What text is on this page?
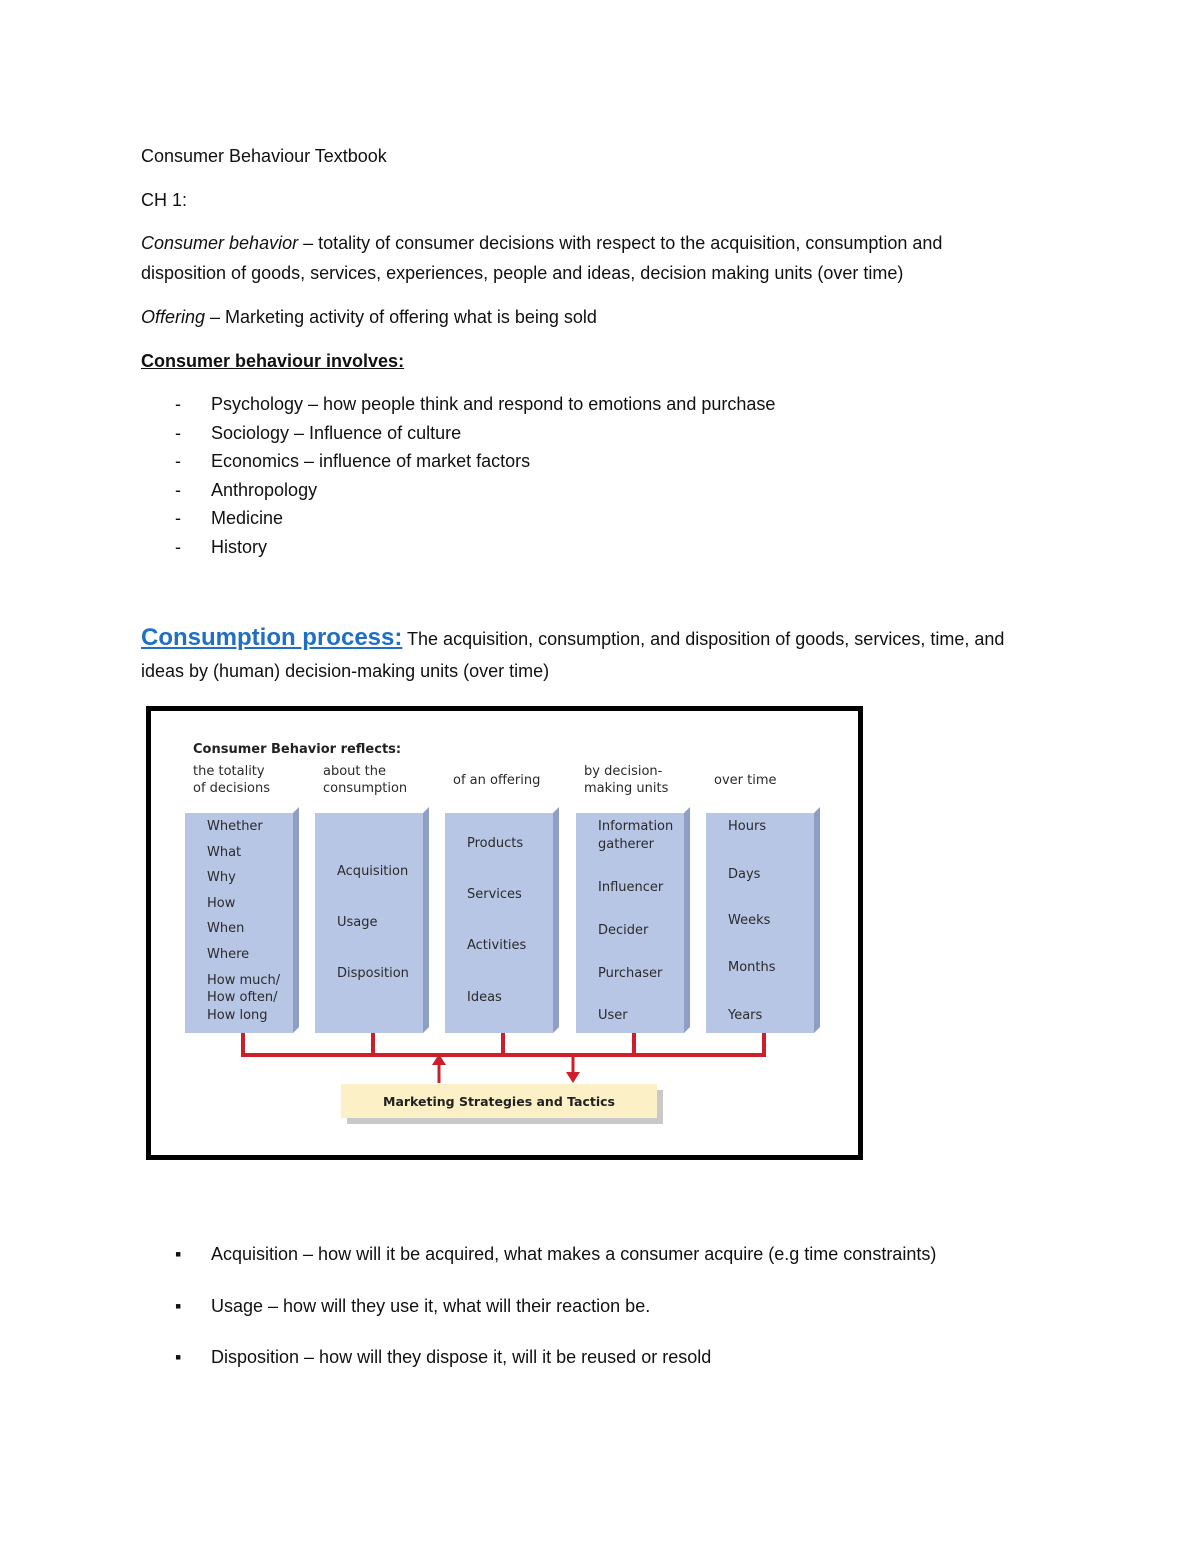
Consumer Behaviour Textbook
CH 1:
Consumer behavior – totality of consumer decisions with respect to the acquisition, consumption and
disposition of goods, services, experiences, people and ideas, decision making units (over time)
Offering – Marketing activity of offering what is being sold
Consumer behaviour involves:
- Psychology – how people think and respond to emotions and purchase
- Sociology – Influence of culture
- Economics – influence of market factors
- Anthropology
- Medicine
- History
Consumption process: The acquisition, consumption, and disposition of goods, services, time, and
ideas by (human) decision-making units (over time)
Consumer Behavior reflects:
the totality
of decisions
Whether
What
Why
How
When
Where
How much/
How often/
How long
about the
consumption
Acquisition
Usage
Disposition
of an offering
Products
Services
Activities
Ideas
by decision-
making units
Information
gatherer
Influencer
Decider
Purchaser
User
over time
Hours
Days
Weeks
Months
Years
Marketing Strategies and Tactics
▪ Acquisition – how will it be acquired, what makes a consumer acquire (e.g time constraints)
▪ Usage – how will they use it, what will their reaction be.
▪ Disposition – how will they dispose it, will it be reused or resold
